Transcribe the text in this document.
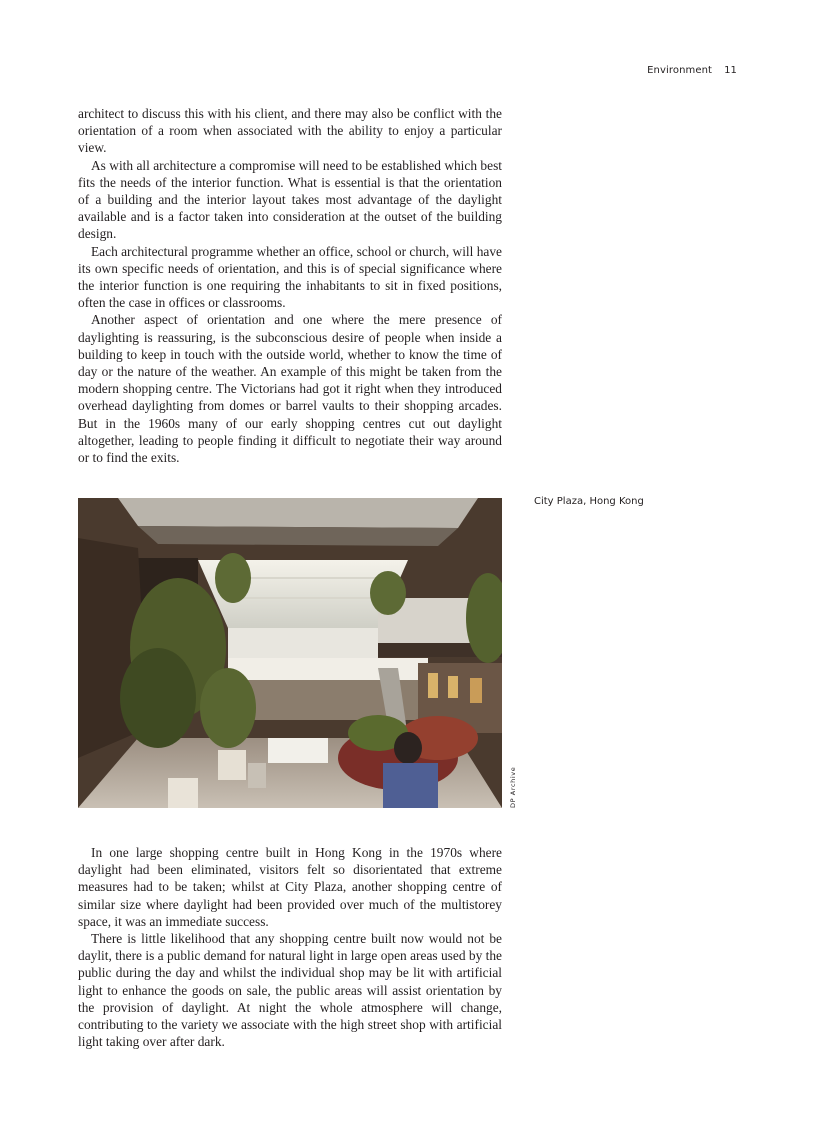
Environment 11

architect to discuss this with his client, and there may also be conflict with the orientation of a room when associated with the ability to enjoy a particular view.

As with all architecture a compromise will need to be established which best fits the needs of the interior function. What is essential is that the orientation of a building and the interior layout takes most advantage of the daylight available and is a factor taken into consideration at the outset of the building design.

Each architectural programme whether an office, school or church, will have its own specific needs of orientation, and this is of special significance where the interior function is one requiring the inhabitants to sit in fixed positions, often the case in offices or classrooms.

Another aspect of orientation and one where the mere presence of daylighting is reassuring, is the subconscious desire of people when inside a building to keep in touch with the outside world, whether to know the time of day or the nature of the weather. An example of this might be taken from the modern shopping centre. The Victorians had got it right when they introduced overhead daylighting from domes or barrel vaults to their shopping arcades. But in the 1960s many of our early shopping centres cut out daylight altogether, leading to people finding it difficult to negotiate their way around or to find the exits.

DP Archive
City Plaza, Hong Kong

In one large shopping centre built in Hong Kong in the 1970s where daylight had been eliminated, visitors felt so disorientated that extreme measures had to be taken; whilst at City Plaza, another shopping centre of similar size where daylight had been provided over much of the multistorey space, it was an immediate success.

There is little likelihood that any shopping centre built now would not be daylit, there is a public demand for natural light in large open areas used by the public during the day and whilst the individual shop may be lit with artificial light to enhance the goods on sale, the public areas will assist orientation by the provision of daylight. At night the whole atmosphere will change, contributing to the variety we associate with the high street shop with artificial light taking over after dark.
